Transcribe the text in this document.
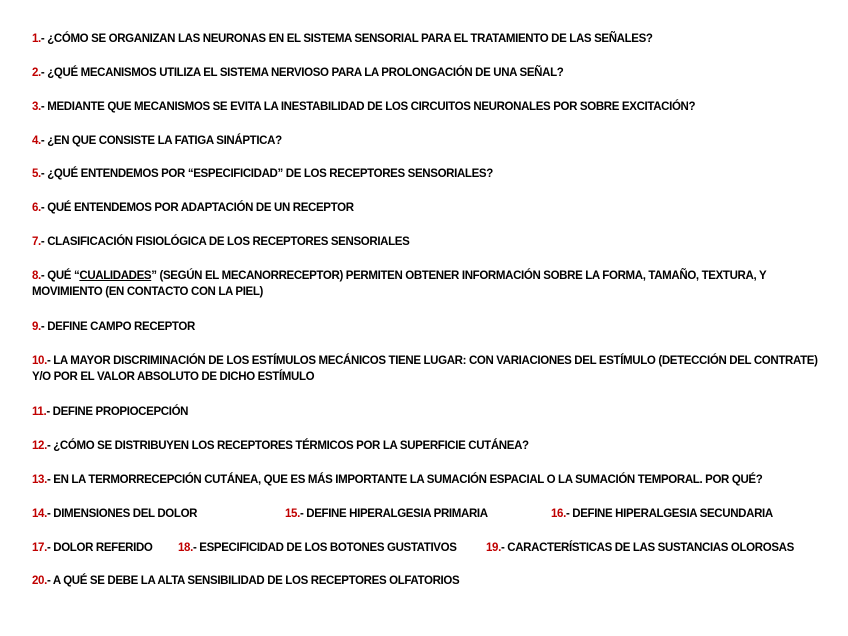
1.- ¿CÓMO SE ORGANIZAN LAS NEURONAS EN EL SISTEMA SENSORIAL PARA EL TRATAMIENTO DE LAS SEÑALES?
2.- ¿QUÉ MECANISMOS UTILIZA EL SISTEMA NERVIOSO PARA LA PROLONGACIÓN DE UNA SEÑAL?
3.- MEDIANTE QUE MECANISMOS SE EVITA LA INESTABILIDAD DE LOS CIRCUITOS NEURONALES POR SOBRE EXCITACIÓN?
4.- ¿EN QUE CONSISTE LA FATIGA SINÁPTICA?
5.- ¿QUÉ ENTENDEMOS POR “ESPECIFICIDAD” DE LOS RECEPTORES SENSORIALES?
6.- QUÉ ENTENDEMOS POR ADAPTACIÓN DE UN RECEPTOR
7.- CLASIFICACIÓN FISIOLÓGICA DE LOS RECEPTORES SENSORIALES
8.- QUÉ “CUALIDADES” (SEGÚN EL MECANORRECEPTOR) PERMITEN OBTENER INFORMACIÓN SOBRE LA FORMA, TAMAÑO, TEXTURA, Y MOVIMIENTO (EN CONTACTO CON LA PIEL)
9.- DEFINE CAMPO RECEPTOR
10.- LA MAYOR DISCRIMINACIÓN DE LOS ESTÍMULOS MECÁNICOS TIENE LUGAR: CON VARIACIONES DEL ESTÍMULO (DETECCIÓN DEL CONTRATE) Y/O POR EL VALOR ABSOLUTO DE DICHO ESTÍMULO
11.- DEFINE PROPIOCEPCIÓN
12.- ¿CÓMO SE DISTRIBUYEN LOS RECEPTORES TÉRMICOS POR LA SUPERFICIE CUTÁNEA?
13.- EN LA TERMORRECEPCIÓN CUTÁNEA, QUE ES MÁS IMPORTANTE LA SUMACIÓN ESPACIAL O LA SUMACIÓN TEMPORAL. POR QUÉ?
14.- DIMENSIONES DEL DOLOR	15.- DEFINE HIPERALGESIA PRIMARIA	16.- DEFINE HIPERALGESIA SECUNDARIA
17.- DOLOR REFERIDO 18.- ESPECIFICIDAD DE LOS BOTONES GUSTATIVOS	19.- CARACTERÍSTICAS DE LAS SUSTANCIAS OLOROSAS
20.- A QUÉ SE DEBE LA ALTA SENSIBILIDAD DE LOS RECEPTORES OLFATORIOS
